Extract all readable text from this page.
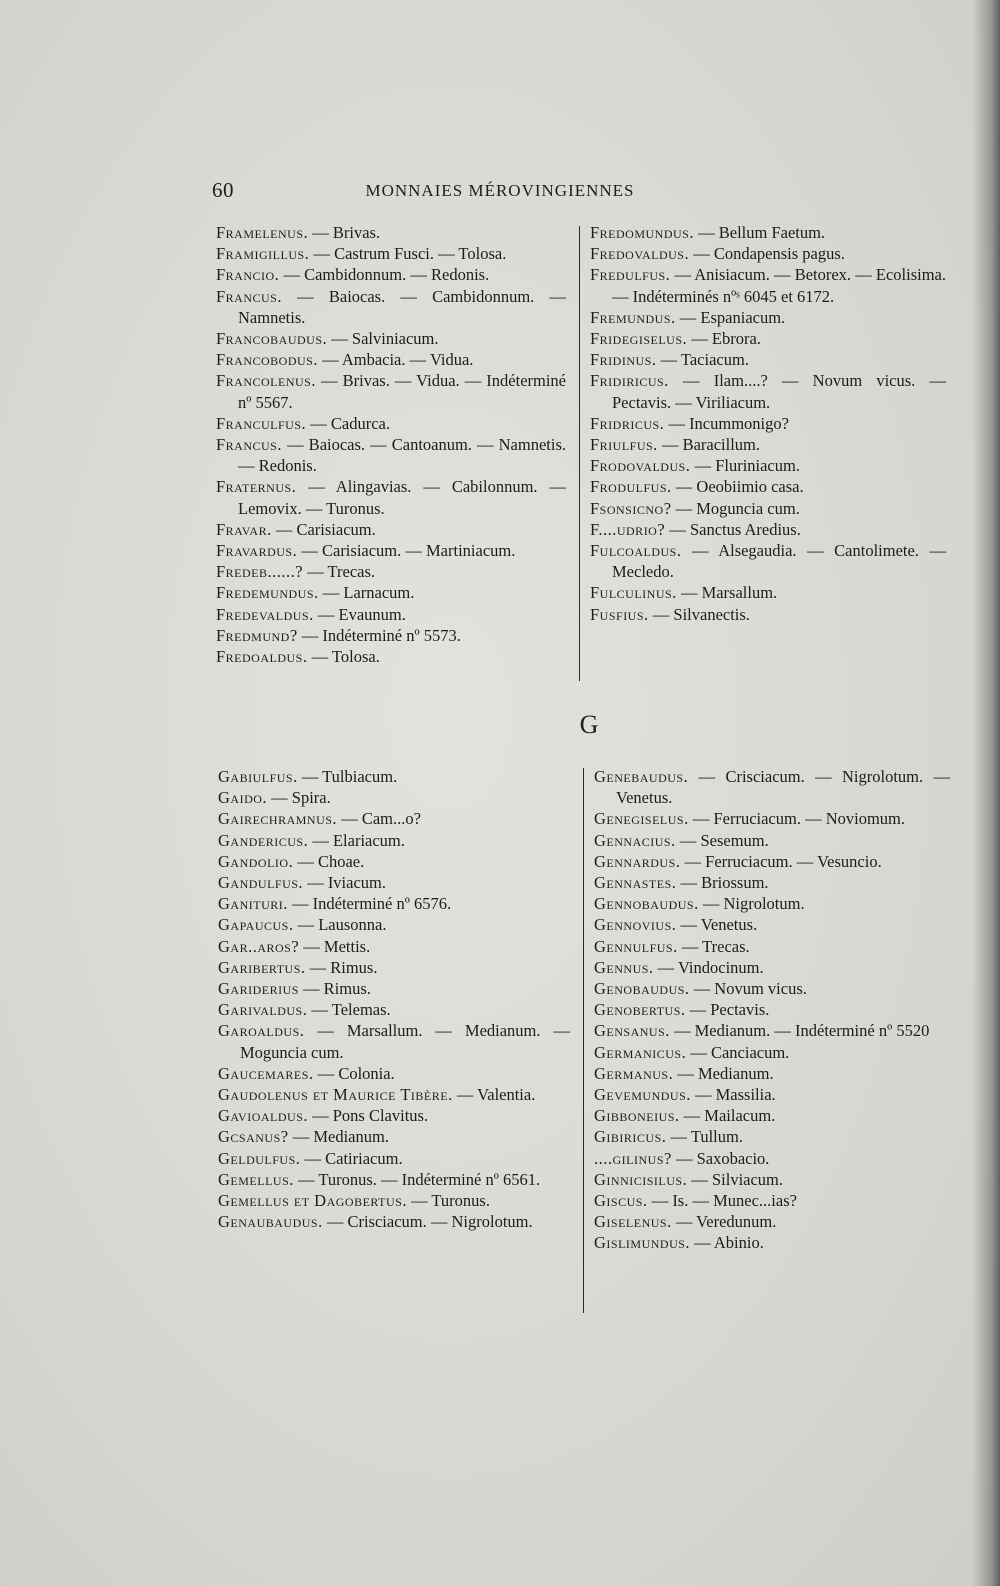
60	MONNAIES MÉROVINGIENNES
Framelenus. — Brivas.
Framigillus. — Castrum Fusci. — Tolosa.
Francio. — Cambidonnum. — Redonis.
Francus. — Baiocas. — Cambidonnum. — Namnetis.
Francobaudus. — Salviniacum.
Francobodus. — Ambacia. — Vidua.
Francolenus. — Brivas. — Vidua. — Indéterminé nº 5567.
Franculfus. — Cadurca.
Francus. — Baiocas. — Cantoanum. — Namnetis. — Redonis.
Fraternus. — Alingavias. — Cabilonnum. — Lemovix. — Turonus.
Fravar. — Carisiacum.
Fravardus. — Carisiacum. — Martiniacum.
Fredeb......? — Trecas.
Fredemundus. — Larnacum.
Fredevaldus. — Evaunum.
Fredmund? — Indéterminé nº 5573.
Fredoaldus. — Tolosa.
Fredomundus. — Bellum Faetum.
Fredovaldus. — Condapensis pagus.
Fredulfus. — Anisiacum. — Betorex. — Ecolisima. — Indéterminés nºˢ 6045 et 6172.
Fremundus. — Espaniacum.
Fridegiselus. — Ebrora.
Fridinus. — Taciacum.
Fridiricus. — Ilam....? — Novum vicus. — Pectavis. — Viriliacum.
Fridricus. — Incummonigo?
Friulfus. — Baracillum.
Frodovaldus. — Fluriniacum.
Frodulfus. — Oeobiimio casa.
Fsonsicno? — Moguncia cum.
F....udrio? — Sanctus Aredius.
Fulcoaldus. — Alsegaudia. — Cantolimete. — Mecledo.
Fulculinus. — Marsallum.
Fusfius. — Silvanectis.
G
Gabiulfus. — Tulbiacum.
Gaido. — Spira.
Gairechramnus. — Cam...o?
Gandericus. — Elariacum.
Gandolio. — Choae.
Gandulfus. — Iviacum.
Ganituri. — Indéterminé nº 6576.
Gapaucus. — Lausonna.
Gar..aros? — Mettis.
Garibertus. — Rimus.
Gariderius — Rimus.
Garivaldus. — Telemas.
Garoaldus. — Marsallum. — Medianum. — Moguncia cum.
Gaucemares. — Colonia.
Gaudolenus et Maurice Tibère. — Valentia.
Gavioaldus. — Pons Clavitus.
Gcsanus? — Medianum.
Geldulfus. — Catiriacum.
Gemellus. — Turonus. — Indéterminé nº 6561.
Gemellus et Dagobertus. — Turonus.
Genaubaudus. — Crisciacum. — Nigrolotum.
Genebaudus. — Crisciacum. — Nigrolotum. — Venetus.
Genegiselus. — Ferruciacum. — Noviomum.
Gennacius. — Sesemum.
Gennardus. — Ferruciacum. — Vesuncio.
Gennastes. — Briossum.
Gennobaudus. — Nigrolotum.
Gennovius. — Venetus.
Gennulfus. — Trecas.
Gennus. — Vindocinum.
Genobaudus. — Novum vicus.
Genobertus. — Pectavis.
Gensanus. — Medianum. — Indéterminé nº 5520
Germanicus. — Canciacum.
Germanus. — Medianum.
Gevemundus. — Massilia.
Gibboneius. — Mailacum.
Gibiricus. — Tullum.
....gilinus? — Saxobacio.
Ginnicisilus. — Silviacum.
Giscus. — Is. — Munec...ias?
Giselenus. — Veredunum.
Gislimundus. — Abinio.
